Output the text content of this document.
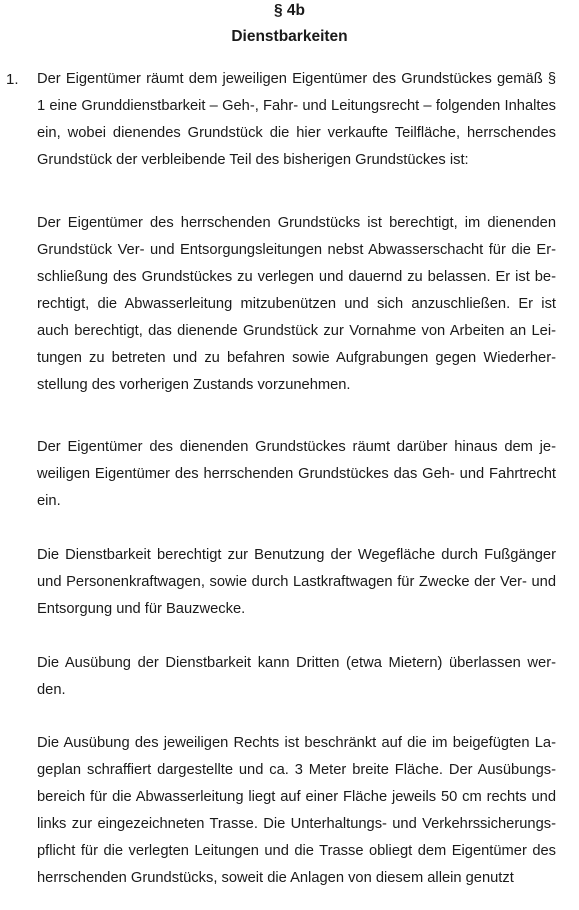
§ 4b
Dienstbarkeiten
1. Der Eigentümer räumt dem jeweiligen Eigentümer des Grundstückes gemäß § 1 eine Grunddienstbarkeit – Geh-, Fahr- und Leitungsrecht – folgenden Inhaltes ein, wobei dienendes Grundstück die hier verkaufte Teilfläche, herrschendes Grundstück der verbleibende Teil des bisherigen Grundstückes ist:

Der Eigentümer des herrschenden Grundstücks ist berechtigt, im dienenden Grundstück Ver- und Entsorgungsleitungen nebst Abwasserschacht für die Erschließung des Grundstückes zu verlegen und dauernd zu belassen. Er ist berechtigt, die Abwasserleitung mitzubenützen und sich anzuschließen. Er ist auch berechtigt, das dienende Grundstück zur Vornahme von Arbeiten an Leitungen zu betreten und zu befahren sowie Aufgrabungen gegen Wiederherstellung des vorherigen Zustands vorzunehmen.

Der Eigentümer des dienenden Grundstückes räumt darüber hinaus dem jeweiligen Eigentümer des herrschenden Grundstückes das Geh- und Fahrtrecht ein.

Die Dienstbarkeit berechtigt zur Benutzung der Wegefläche durch Fußgänger und Personenkraftwagen, sowie durch Lastkraftwagen für Zwecke der Ver- und Entsorgung und für Bauzwecke.

Die Ausübung der Dienstbarkeit kann Dritten (etwa Mietern) überlassen werden.

Die Ausübung des jeweiligen Rechts ist beschränkt auf die im beigefügten Lageplan schraffiert dargestellte und ca. 3 Meter breite Fläche. Der Ausübungsbereich für die Abwasserleitung liegt auf einer Fläche jeweils 50 cm rechts und links zur eingezeichneten Trasse. Die Unterhaltungs- und Verkehrssicherungspflicht für die verlegten Leitungen und die Trasse obliegt dem Eigentümer des herrschenden Grundstücks, soweit die Anlagen von diesem allein genutzt
